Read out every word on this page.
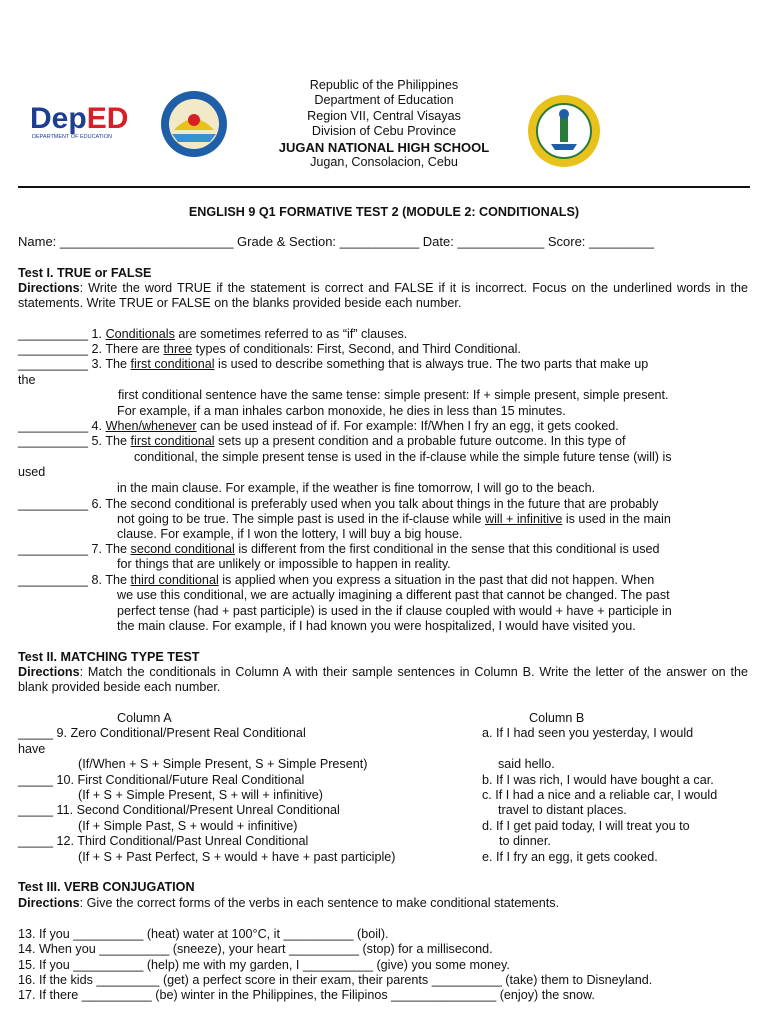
DepED
DEPARTMENT OF EDUCATION
Republic of the Philippines
Department of Education
Region VII, Central Visayas
Division of Cebu Province
JUGAN NATIONAL HIGH SCHOOL
Jugan, Consolacion, Cebu
ENGLISH 9 Q1 FORMATIVE TEST 2 (MODULE 2: CONDITIONALS)
Name: ________________________ Grade & Section: ___________ Date: ____________ Score: _________
Test I. TRUE or FALSE
Directions: Write the word TRUE if the statement is correct and FALSE if it is incorrect. Focus on the underlined words in the statements. Write TRUE or FALSE on the blanks provided beside each number.
__________ 1. Conditionals are sometimes referred to as “if” clauses.
__________ 2. There are three types of conditionals: First, Second, and Third Conditional.
__________ 3. The first conditional is used to describe something that is always true. The two parts that make up
the
first conditional sentence have the same tense: simple present: If + simple present, simple present.
For example, if a man inhales carbon monoxide, he dies in less than 15 minutes.
__________ 4. When/whenever can be used instead of if. For example: If/When I fry an egg, it gets cooked.
__________ 5. The first conditional sets up a present condition and a probable future outcome. In this type of
conditional, the simple present tense is used in the if-clause while the simple future tense (will) is
used
in the main clause. For example, if the weather is fine tomorrow, I will go to the beach.
__________ 6. The second conditional is preferably used when you talk about things in the future that are probably
not going to be true. The simple past is used in the if-clause while will + infinitive is used in the main
clause. For example, if I won the lottery, I will buy a big house.
__________ 7. The second conditional is different from the first conditional in the sense that this conditional is used
for things that are unlikely or impossible to happen in reality.
__________ 8. The third conditional is applied when you express a situation in the past that did not happen. When
we use this conditional, we are actually imagining a different past that cannot be changed. The past
perfect tense (had + past participle) is used in the if clause coupled with would + have + participle in
the main clause. For example, if I had known you were hospitalized, I would have visited you.
Test II. MATCHING TYPE TEST
Directions: Match the conditionals in Column A with their sample sentences in Column B. Write the letter of the answer on the blank provided beside each number.
Column A	Column B
_____ 9. Zero Conditional/Present Real Conditional
have
(If/When + S + Simple Present, S + Simple Present)
_____ 10. First Conditional/Future Real Conditional
(If + S + Simple Present, S + will + infinitive)
_____ 11. Second Conditional/Present Unreal Conditional
(If + Simple Past, S + would + infinitive)
_____ 12. Third Conditional/Past Unreal Conditional
(If + S + Past Perfect, S + would + have + past participle)
a. If I had seen you yesterday, I would
said hello.
b. If I was rich, I would have bought a car.
c. If I had a nice and a reliable car, I would
travel to distant places.
d. If I get paid today, I will treat you to
to dinner.
e. If I fry an egg, it gets cooked.
Test III. VERB CONJUGATION
Directions: Give the correct forms of the verbs in each sentence to make conditional statements.
13. If you __________ (heat) water at 100°C, it __________ (boil).
14. When you __________ (sneeze), your heart __________ (stop) for a millisecond.
15. If you __________ (help) me with my garden, I __________ (give) you some money.
16. If the kids _________ (get) a perfect score in their exam, their parents __________ (take) them to Disneyland.
17. If there __________ (be) winter in the Philippines, the Filipinos _______________ (enjoy) the snow.
